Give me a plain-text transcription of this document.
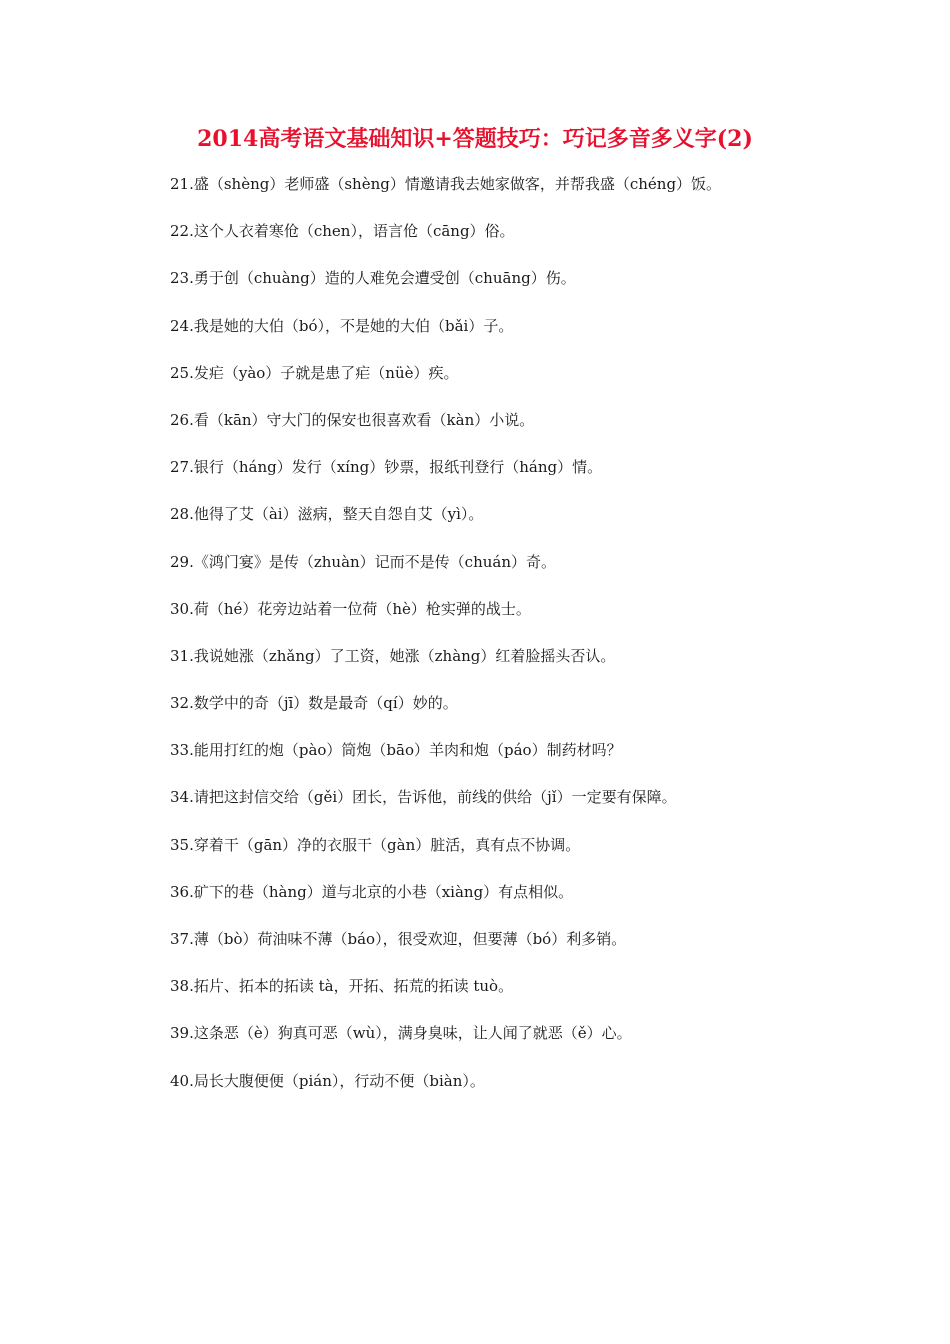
2014高考语文基础知识+答题技巧：巧记多音多义字(2)
21.盛（shèng）老师盛（shèng）情邀请我去她家做客，并帮我盛（chéng）饭。
22.这个人衣着寒伧（chen），语言伧（cāng）俗。
23.勇于创（chuàng）造的人难免会遭受创（chuāng）伤。
24.我是她的大伯（bó），不是她的大伯（bǎi）子。
25.发疟（yào）子就是患了疟（nüè）疾。
26.看（kān）守大门的保安也很喜欢看（kàn）小说。
27.银行（háng）发行（xíng）钞票，报纸刊登行（háng）情。
28.他得了艾（ài）滋病，整天自怨自艾（yì）。
29.《鸿门宴》是传（zhuàn）记而不是传（chuán）奇。
30.荷（hé）花旁边站着一位荷（hè）枪实弹的战士。
31.我说她涨（zhǎng）了工资，她涨（zhàng）红着脸摇头否认。
32.数学中的奇（jī）数是最奇（qí）妙的。
33.能用打红的炮（pào）筒炮（bāo）羊肉和炮（páo）制药材吗？
34.请把这封信交给（gěi）团长，告诉他，前线的供给（jǐ）一定要有保障。
35.穿着干（gān）净的衣服干（gàn）脏活，真有点不协调。
36.矿下的巷（hàng）道与北京的小巷（xiàng）有点相似。
37.薄（bò）荷油味不薄（báo），很受欢迎，但要薄（bó）利多销。
38.拓片、拓本的拓读 tà，开拓、拓荒的拓读 tuò。
39.这条恶（è）狗真可恶（wù），满身臭味，让人闻了就恶（ě）心。
40.局长大腹便便（pián），行动不便（biàn）。
